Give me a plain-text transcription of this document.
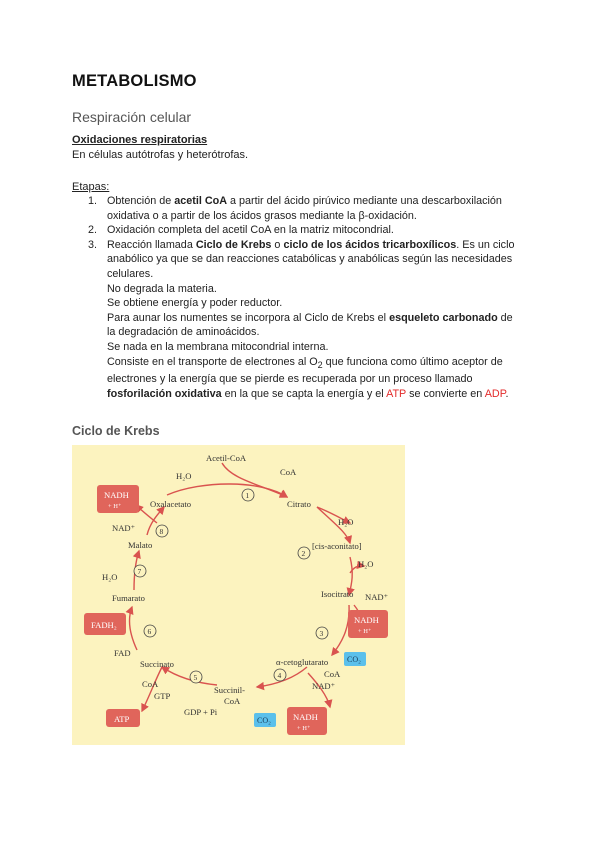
METABOLISMO
Respiración celular
Oxidaciones respiratorias
En células autótrofas y heterótrofas.
Etapas:
1. Obtención de acetil CoA a partir del ácido pirúvico mediante una descarboxilación
oxidativa o a partir de los ácidos grasos mediante la β-oxidación.
2. Oxidación completa del acetil CoA en la matriz mitocondrial.
3. Reacción llamada Ciclo de Krebs o ciclo de los ácidos tricarboxílicos. Es un ciclo
anabólico ya que se dan reacciones catabólicas y anabólicas según las necesidades
celulares.
No degrada la materia.
Se obtiene energía y poder reductor.
Para aunar los numentes se incorpora al Ciclo de Krebs el esqueleto carbonado de
la degradación de aminoácidos.
Se nada en la membrana mitocondrial interna.
Consiste en el transporte de electrones al $O_2$ que funciona como último aceptor de
electrones y la energía que se pierde es recuperada por un proceso llamado
fosforilación oxidativa en la que se capta la energía y el ATP se convierte en ADP.
Ciclo de Krebs
Acetil-CoA
H₂O	CoA
Oxalacetato	Citrato
H₂O
[cis-aconitato]
H₂O
Isocitrato NAD⁺
NAD⁺
Malato
H₂O
Fumarato
FAD
Succinato
CoA
GTP
GDP + Pi
Succinil-
CoA
α-cetoglutarato
CoA
NAD⁺
NADH
+ H⁺
FADH₂
ATP
NADH
+ H⁺
NADH
+ H⁺
CO₂
CO₂
1
2
3
4
5
6
8
7
